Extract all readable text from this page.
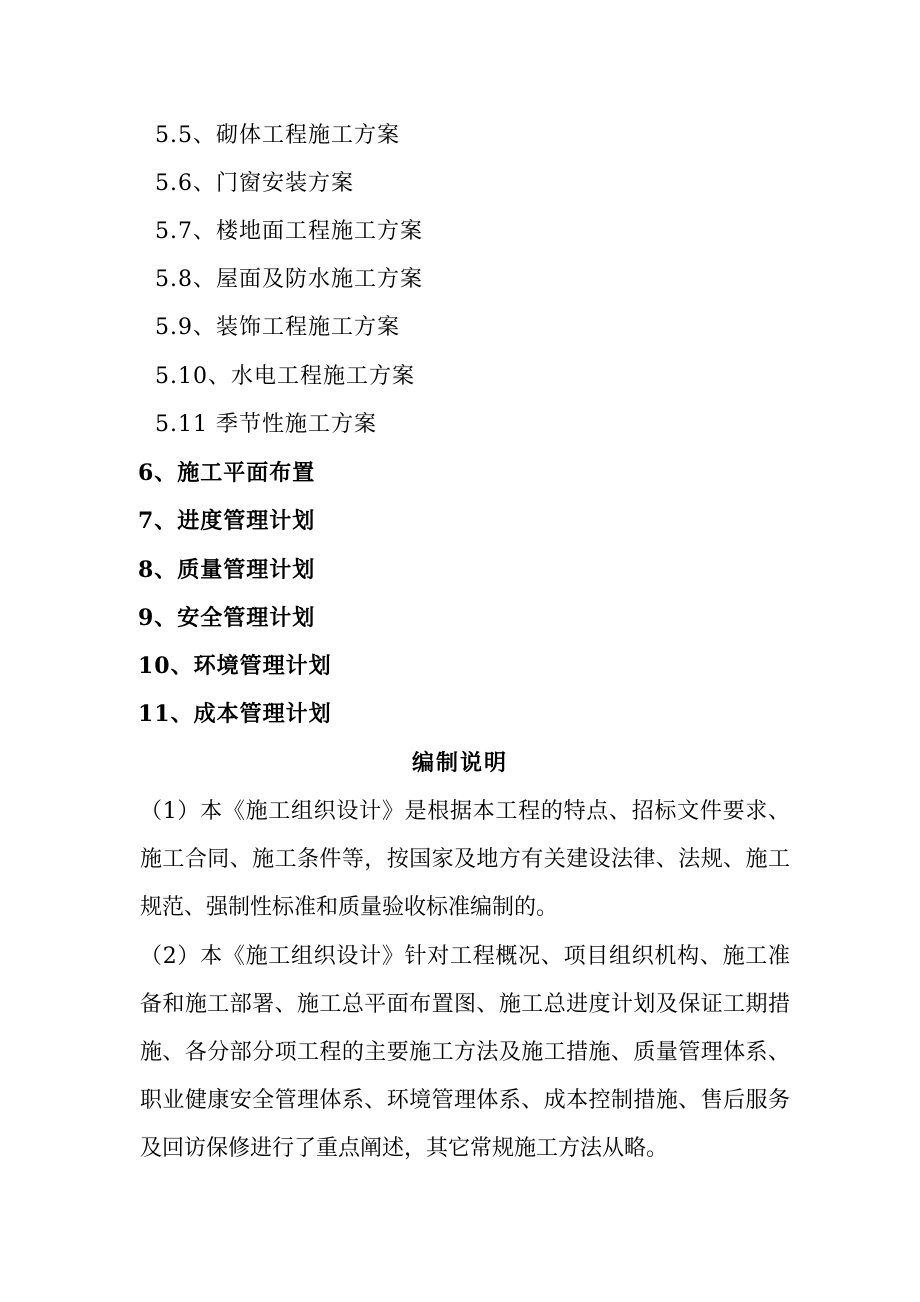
5.5、砌体工程施工方案
5.6、门窗安装方案
5.7、楼地面工程施工方案
5.8、屋面及防水施工方案
5.9、装饰工程施工方案
5.10、水电工程施工方案
5.11 季节性施工方案
6、施工平面布置
7、进度管理计划
8、质量管理计划
9、安全管理计划
10、环境管理计划
11、成本管理计划
编制说明
（1）本《施工组织设计》是根据本工程的特点、招标文件要求、施工合同、施工条件等，按国家及地方有关建设法律、法规、施工规范、强制性标准和质量验收标准编制的。
（2）本《施工组织设计》针对工程概况、项目组织机构、施工准备和施工部署、施工总平面布置图、施工总进度计划及保证工期措施、各分部分项工程的主要施工方法及施工措施、质量管理体系、职业健康安全管理体系、环境管理体系、成本控制措施、售后服务及回访保修进行了重点阐述，其它常规施工方法从略。
